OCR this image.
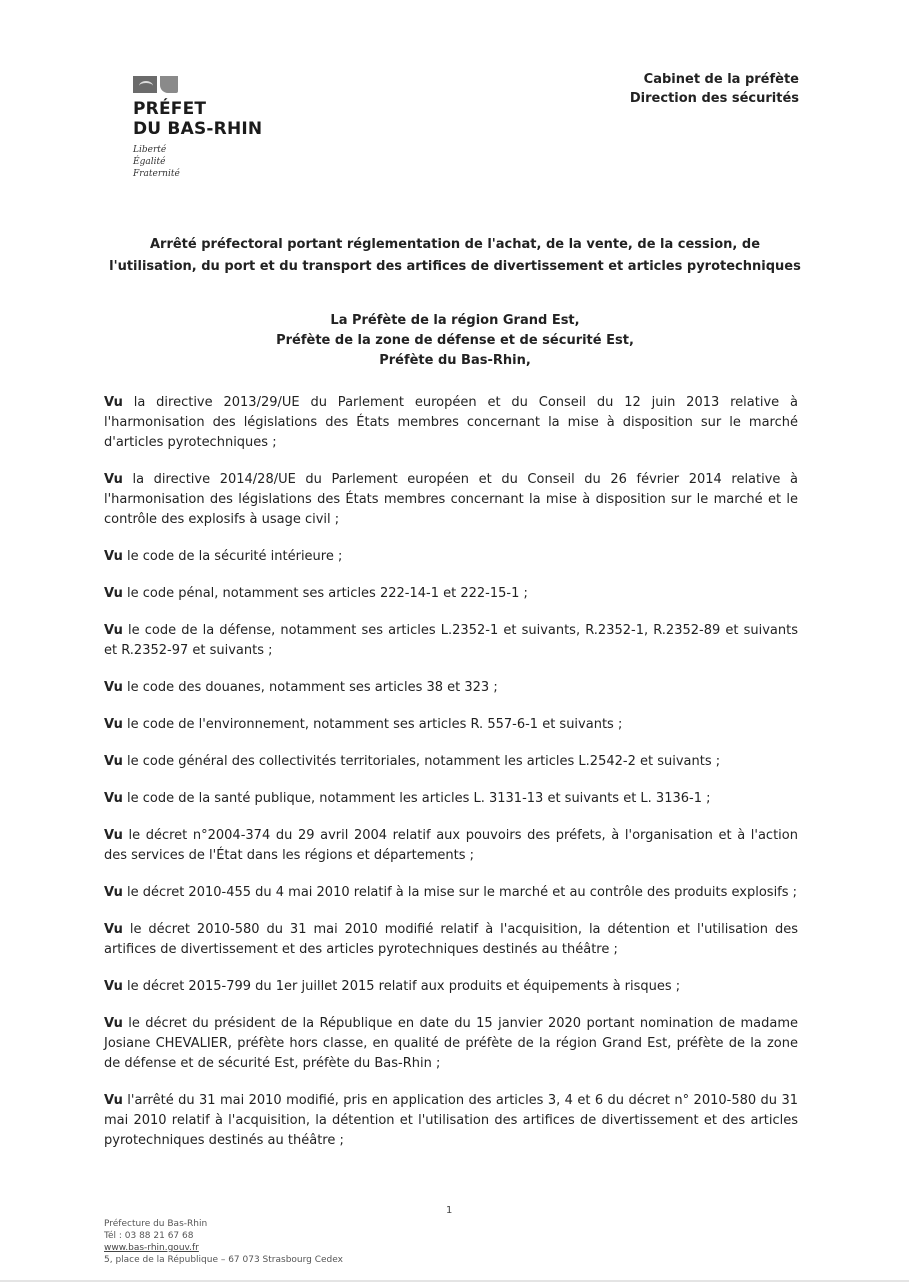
PRÉFET
DU BAS-RHIN
Liberté
Égalité
Fraternité
Cabinet de la préfète
Direction des sécurités
Arrêté préfectoral portant réglementation de l'achat, de la vente, de la cession, de
l'utilisation, du port et du transport des artifices de divertissement et articles pyrotechniques
La Préfète de la région Grand Est,
Préfète de la zone de défense et de sécurité Est,
Préfète du Bas-Rhin,

Vu la directive 2013/29/UE du Parlement européen et du Conseil du 12 juin 2013 relative à l'harmonisation des législations des États membres concernant la mise à disposition sur le marché d'articles pyrotechniques ;

Vu la directive 2014/28/UE du Parlement européen et du Conseil du 26 février 2014 relative à l'harmonisation des législations des États membres concernant la mise à disposition sur le marché et le contrôle des explosifs à usage civil ;

Vu le code de la sécurité intérieure ;

Vu le code pénal, notamment ses articles 222-14-1 et 222-15-1 ;

Vu le code de la défense, notamment ses articles L.2352-1 et suivants, R.2352-1, R.2352-89 et suivants et R.2352-97 et suivants ;

Vu le code des douanes, notamment ses articles 38 et 323 ;

Vu le code de l'environnement, notamment ses articles R. 557-6-1 et suivants ;

Vu le code général des collectivités territoriales, notamment les articles L.2542-2 et suivants ;

Vu le code de la santé publique, notamment les articles L. 3131-13 et suivants et L. 3136-1 ;

Vu le décret n°2004-374 du 29 avril 2004 relatif aux pouvoirs des préfets, à l'organisation et à l'action des services de l'État dans les régions et départements ;

Vu le décret 2010-455 du 4 mai 2010 relatif à la mise sur le marché et au contrôle des produits explosifs ;

Vu le décret 2010-580 du 31 mai 2010 modifié relatif à l'acquisition, la détention et l'utilisation des artifices de divertissement et des articles pyrotechniques destinés au théâtre ;

Vu le décret 2015-799 du 1er juillet 2015 relatif aux produits et équipements à risques ;

Vu le décret du président de la République en date du 15 janvier 2020 portant nomination de madame Josiane CHEVALIER, préfète hors classe, en qualité de préfète de la région Grand Est, préfète de la zone de défense et de sécurité Est, préfète du Bas-Rhin ;

Vu l'arrêté du 31 mai 2010 modifié, pris en application des articles 3, 4 et 6 du décret n° 2010-580 du 31 mai 2010 relatif à l'acquisition, la détention et l'utilisation des artifices de divertissement et des articles pyrotechniques destinés au théâtre ;

1
Préfecture du Bas-Rhin
Tél : 03 88 21 67 68
www.bas-rhin.gouv.fr
5, place de la République – 67 073 Strasbourg Cedex
